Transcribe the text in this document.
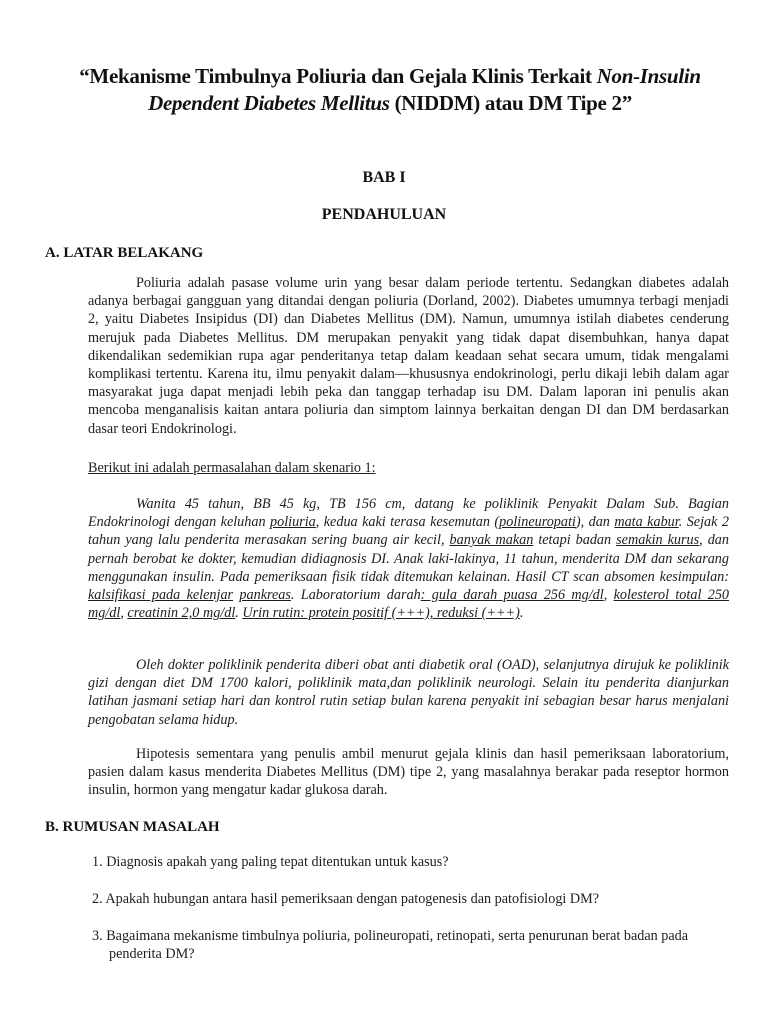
“Mekanisme Timbulnya Poliuria dan Gejala Klinis Terkait Non-Insulin Dependent Diabetes Mellitus (NIDDM) atau DM Tipe 2”
BAB I
PENDAHULUAN
A. LATAR BELAKANG
Poliuria adalah pasase volume urin yang besar dalam periode tertentu. Sedangkan diabetes adalah adanya berbagai gangguan yang ditandai dengan poliuria (Dorland, 2002). Diabetes umumnya terbagi menjadi 2, yaitu Diabetes Insipidus (DI) dan Diabetes Mellitus (DM). Namun, umumnya istilah diabetes cenderung merujuk pada Diabetes Mellitus. DM merupakan penyakit yang tidak dapat disembuhkan, hanya dapat dikendalikan sedemikian rupa agar penderitanya tetap dalam keadaan sehat secara umum, tidak mengalami komplikasi tertentu. Karena itu, ilmu penyakit dalam—khususnya endokrinologi, perlu dikaji lebih dalam agar masyarakat juga dapat menjadi lebih peka dan tanggap terhadap isu DM. Dalam laporan ini penulis akan mencoba menganalisis kaitan antara poliuria dan simptom lainnya berkaitan dengan DI dan DM berdasarkan dasar teori Endokrinologi.
Berikut ini adalah permasalahan dalam skenario 1:
Wanita 45 tahun, BB 45 kg, TB 156 cm, datang ke poliklinik Penyakit Dalam Sub. Bagian Endokrinologi dengan keluhan poliuria, kedua kaki terasa kesemutan (polineuropati), dan mata kabur. Sejak 2 tahun yang lalu penderita merasakan sering buang air kecil, banyak makan tetapi badan semakin kurus, dan pernah berobat ke dokter, kemudian didiagnosis DI. Anak laki-lakinya, 11 tahun, menderita DM dan sekarang menggunakan insulin. Pada pemeriksaan fisik tidak ditemukan kelainan. Hasil CT scan absomen kesimpulan: kalsifikasi pada kelenjar pankreas. Laboratorium darah: gula darah puasa 256 mg/dl, kolesterol total 250 mg/dl, creatinin 2,0 mg/dl. Urin rutin: protein positif (+++), reduksi (+++).
Oleh dokter poliklinik penderita diberi obat anti diabetik oral (OAD), selanjutnya dirujuk ke poliklinik gizi dengan diet DM 1700 kalori, poliklinik mata,dan poliklinik neurologi. Selain itu penderita dianjurkan latihan jasmani setiap hari dan kontrol rutin setiap bulan karena penyakit ini sebagian besar harus menjalani pengobatan selama hidup.
Hipotesis sementara yang penulis ambil menurut gejala klinis dan hasil pemeriksaan laboratorium, pasien dalam kasus menderita Diabetes Mellitus (DM) tipe 2, yang masalahnya berakar pada reseptor hormon insulin, hormon yang mengatur kadar glukosa darah.
B. RUMUSAN MASALAH
1. Diagnosis apakah yang paling tepat ditentukan untuk kasus?
2. Apakah hubungan antara hasil pemeriksaan dengan patogenesis dan patofisiologi DM?
3. Bagaimana mekanisme timbulnya poliuria, polineuropati, retinopati, serta penurunan berat badan pada
penderita DM?
